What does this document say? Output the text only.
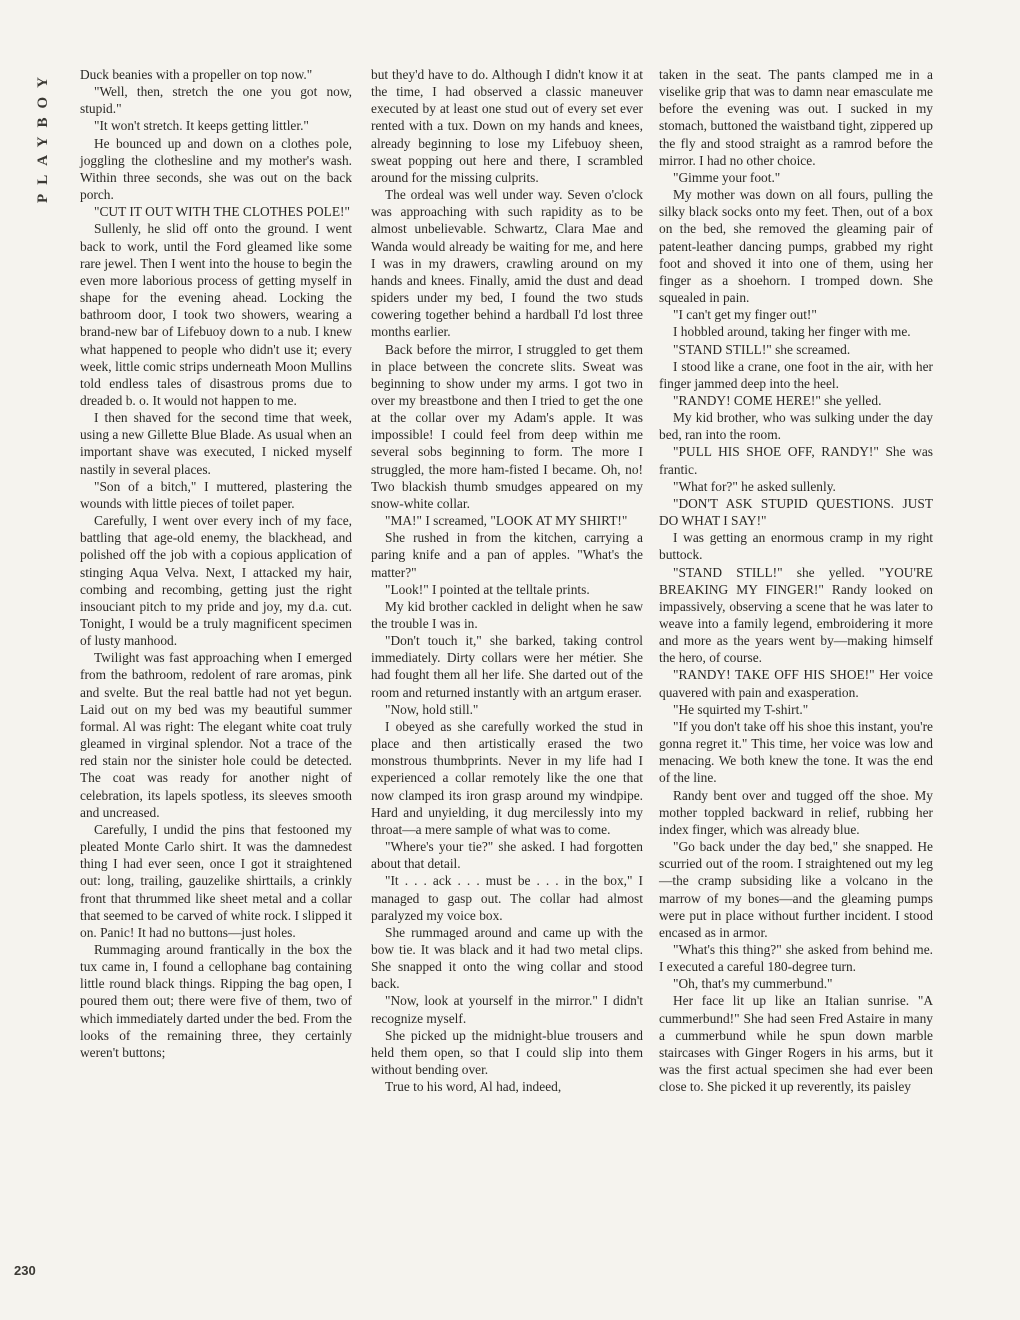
PLAYBOY
230

Duck beanies with a propeller on top now."

"Well, then, stretch the one you got now, stupid."

"It won't stretch. It keeps getting littler."

He bounced up and down on a clothes pole, joggling the clothesline and my mother's wash. Within three seconds, she was out on the back porch.

"CUT IT OUT WITH THE CLOTHES POLE!"

Sullenly, he slid off onto the ground. I went back to work, until the Ford gleamed like some rare jewel. Then I went into the house to begin the even more laborious process of getting myself in shape for the evening ahead. Locking the bathroom door, I took two showers, wearing a brand-new bar of Lifebuoy down to a nub. I knew what happened to people who didn't use it; every week, little comic strips underneath Moon Mullins told endless tales of disastrous proms due to dreaded b. o. It would not happen to me.

I then shaved for the second time that week, using a new Gillette Blue Blade. As usual when an important shave was executed, I nicked myself nastily in several places.

"Son of a bitch," I muttered, plastering the wounds with little pieces of toilet paper.

Carefully, I went over every inch of my face, battling that age-old enemy, the blackhead, and polished off the job with a copious application of stinging Aqua Velva. Next, I attacked my hair, combing and recombing, getting just the right insouciant pitch to my pride and joy, my d.a. cut. Tonight, I would be a truly magnificent specimen of lusty manhood.

Twilight was fast approaching when I emerged from the bathroom, redolent of rare aromas, pink and svelte. But the real battle had not yet begun. Laid out on my bed was my beautiful summer formal. Al was right: The elegant white coat truly gleamed in virginal splendor. Not a trace of the red stain nor the sinister hole could be detected. The coat was ready for another night of celebration, its lapels spotless, its sleeves smooth and uncreased.

Carefully, I undid the pins that festooned my pleated Monte Carlo shirt. It was the damnedest thing I had ever seen, once I got it straightened out: long, trailing, gauzelike shirttails, a crinkly front that thrummed like sheet metal and a collar that seemed to be carved of white rock. I slipped it on. Panic! It had no buttons—just holes.

Rummaging around frantically in the box the tux came in, I found a cellophane bag containing little round black things. Ripping the bag open, I poured them out; there were five of them, two of which immediately darted under the bed. From the looks of the remaining three, they certainly weren't buttons;

but they'd have to do. Although I didn't know it at the time, I had observed a classic maneuver executed by at least one stud out of every set ever rented with a tux. Down on my hands and knees, already beginning to lose my Lifebuoy sheen, sweat popping out here and there, I scrambled around for the missing culprits.

The ordeal was well under way. Seven o'clock was approaching with such rapidity as to be almost unbelievable. Schwartz, Clara Mae and Wanda would already be waiting for me, and here I was in my drawers, crawling around on my hands and knees. Finally, amid the dust and dead spiders under my bed, I found the two studs cowering together behind a hardball I'd lost three months earlier.

Back before the mirror, I struggled to get them in place between the concrete slits. Sweat was beginning to show under my arms. I got two in over my breastbone and then I tried to get the one at the collar over my Adam's apple. It was impossible! I could feel from deep within me several sobs beginning to form. The more I struggled, the more ham-fisted I became. Oh, no! Two blackish thumb smudges appeared on my snow-white collar.

"MA!" I screamed, "LOOK AT MY SHIRT!"

She rushed in from the kitchen, carrying a paring knife and a pan of apples. "What's the matter?"

"Look!" I pointed at the telltale prints.

My kid brother cackled in delight when he saw the trouble I was in.

"Don't touch it," she barked, taking control immediately. Dirty collars were her métier. She had fought them all her life. She darted out of the room and returned instantly with an artgum eraser.

"Now, hold still."

I obeyed as she carefully worked the stud in place and then artistically erased the two monstrous thumbprints. Never in my life had I experienced a collar remotely like the one that now clamped its iron grasp around my windpipe. Hard and unyielding, it dug mercilessly into my throat—a mere sample of what was to come.

"Where's your tie?" she asked. I had forgotten about that detail.

"It . . . ack . . . must be . . . in the box," I managed to gasp out. The collar had almost paralyzed my voice box.

She rummaged around and came up with the bow tie. It was black and it had two metal clips. She snapped it onto the wing collar and stood back.

"Now, look at yourself in the mirror." I didn't recognize myself.

She picked up the midnight-blue trousers and held them open, so that I could slip into them without bending over.

True to his word, Al had, indeed,

taken in the seat. The pants clamped me in a viselike grip that was to damn near emasculate me before the evening was out. I sucked in my stomach, buttoned the waistband tight, zippered up the fly and stood straight as a ramrod before the mirror. I had no other choice.

"Gimme your foot."

My mother was down on all fours, pulling the silky black socks onto my feet. Then, out of a box on the bed, she removed the gleaming pair of patent-leather dancing pumps, grabbed my right foot and shoved it into one of them, using her finger as a shoehorn. I tromped down. She squealed in pain.

"I can't get my finger out!"

I hobbled around, taking her finger with me.

"STAND STILL!" she screamed.

I stood like a crane, one foot in the air, with her finger jammed deep into the heel.

"RANDY! COME HERE!" she yelled.

My kid brother, who was sulking under the day bed, ran into the room.

"PULL HIS SHOE OFF, RANDY!" She was frantic.

"What for?" he asked sullenly.

"DON'T ASK STUPID QUESTIONS. JUST DO WHAT I SAY!"

I was getting an enormous cramp in my right buttock.

"STAND STILL!" she yelled. "YOU'RE BREAKING MY FINGER!" Randy looked on impassively, observing a scene that he was later to weave into a family legend, embroidering it more and more as the years went by—making himself the hero, of course.

"RANDY! TAKE OFF HIS SHOE!" Her voice quavered with pain and exasperation.

"He squirted my T-shirt."

"If you don't take off his shoe this instant, you're gonna regret it." This time, her voice was low and menacing. We both knew the tone. It was the end of the line.

Randy bent over and tugged off the shoe. My mother toppled backward in relief, rubbing her index finger, which was already blue.

"Go back under the day bed," she snapped. He scurried out of the room. I straightened out my leg—the cramp subsiding like a volcano in the marrow of my bones—and the gleaming pumps were put in place without further incident. I stood encased as in armor.

"What's this thing?" she asked from behind me. I executed a careful 180-degree turn.

"Oh, that's my cummerbund."

Her face lit up like an Italian sunrise. "A cummerbund!" She had seen Fred Astaire in many a cummerbund while he spun down marble staircases with Ginger Rogers in his arms, but it was the first actual specimen she had ever been close to. She picked it up reverently, its paisley
